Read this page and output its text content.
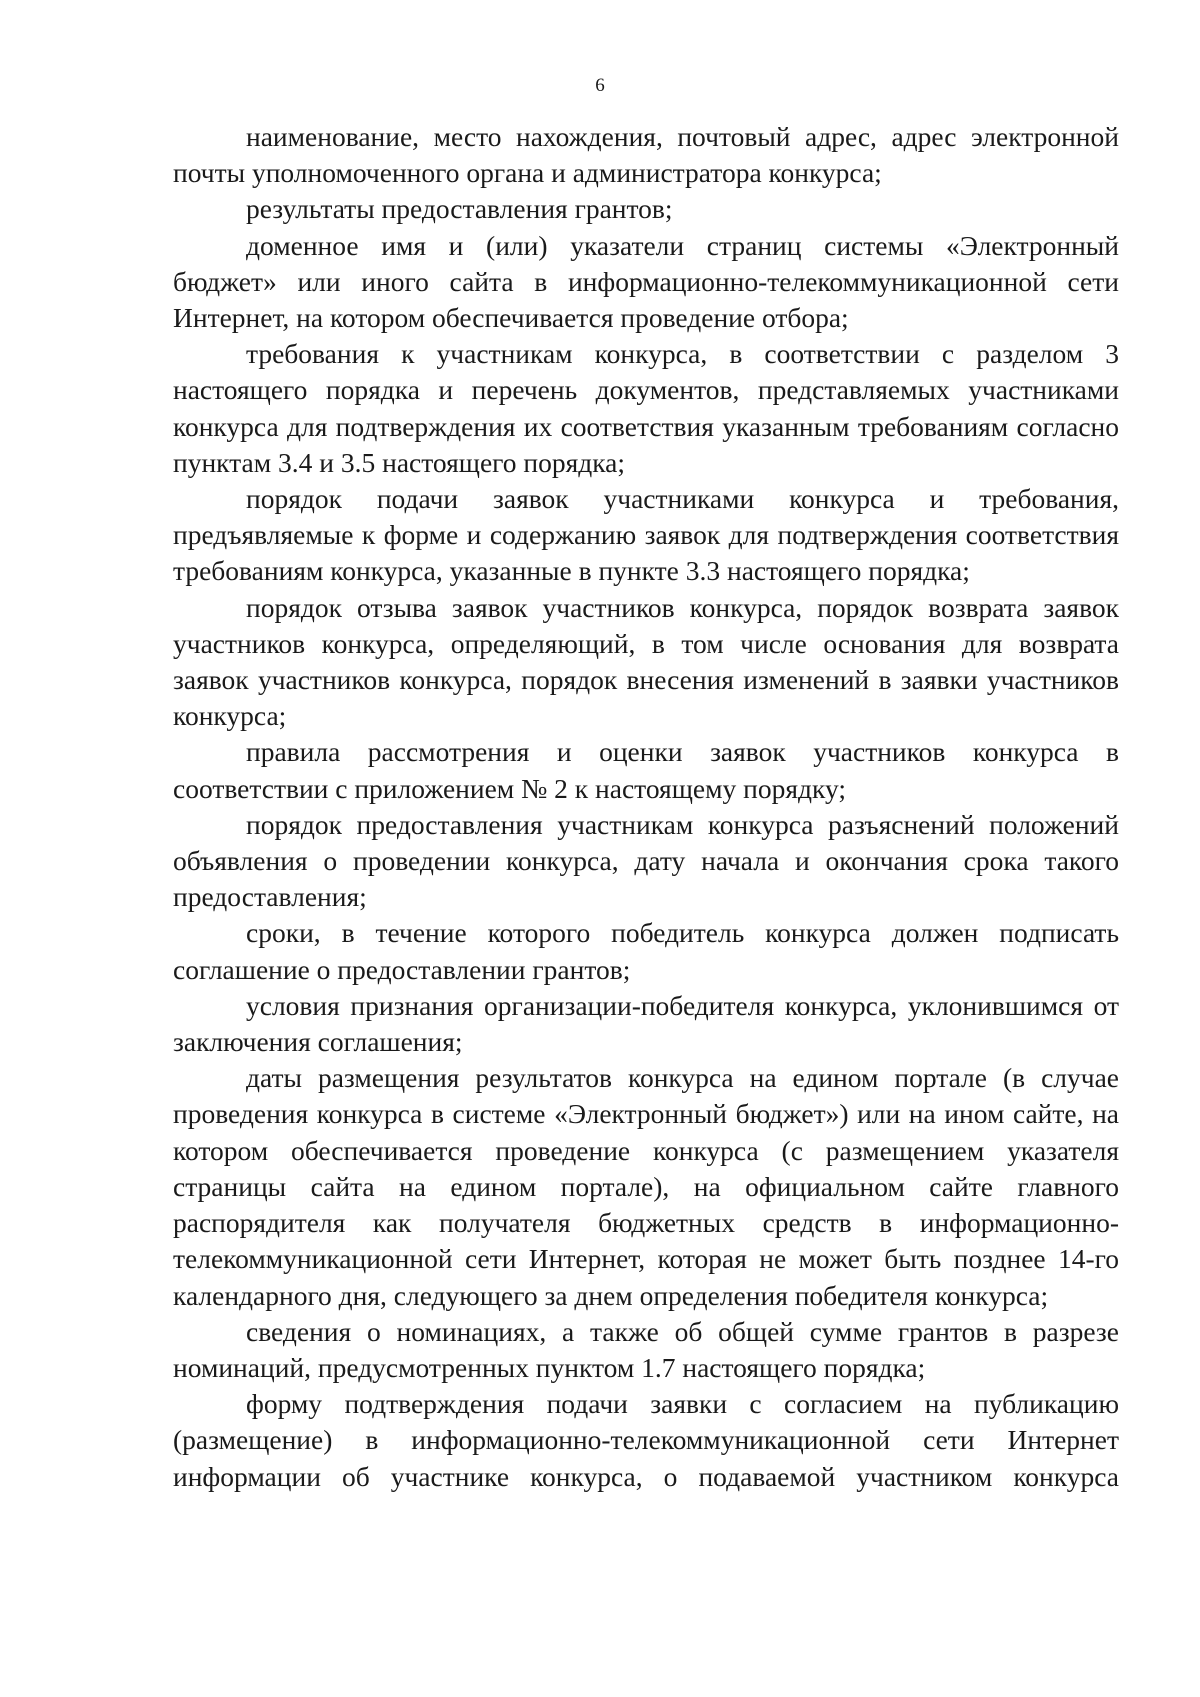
6

наименование, место нахождения, почтовый адрес, адрес электронной почты уполномоченного органа и администратора конкурса;

результаты предоставления грантов;

доменное имя и (или) указатели страниц системы «Электронный бюджет» или иного сайта в информационно-телекоммуникационной сети Интернет, на котором обеспечивается проведение отбора;

требования к участникам конкурса, в соответствии с разделом 3 настоящего порядка и перечень документов, представляемых участниками конкурса для подтверждения их соответствия указанным требованиям согласно пунктам 3.4 и 3.5 настоящего порядка;

порядок подачи заявок участниками конкурса и требования, предъявляемые к форме и содержанию заявок для подтверждения соответствия требованиям конкурса, указанные в пункте 3.3 настоящего порядка;

порядок отзыва заявок участников конкурса, порядок возврата заявок участников конкурса, определяющий, в том числе основания для возврата заявок участников конкурса, порядок внесения изменений в заявки участников конкурса;

правила рассмотрения и оценки заявок участников конкурса в соответствии с приложением № 2 к настоящему порядку;

порядок предоставления участникам конкурса разъяснений положений объявления о проведении конкурса, дату начала и окончания срока такого предоставления;

сроки, в течение которого победитель конкурса должен подписать соглашение о предоставлении грантов;

условия признания организации-победителя конкурса, уклонившимся от заключения соглашения;

даты размещения результатов конкурса на едином портале (в случае проведения конкурса в системе «Электронный бюджет») или на ином сайте, на котором обеспечивается проведение конкурса (с размещением указателя страницы сайта на едином портале), на официальном сайте главного распорядителя как получателя бюджетных средств в информационно-телекоммуникационной сети Интернет, которая не может быть позднее 14-го календарного дня, следующего за днем определения победителя конкурса;

сведения о номинациях, а также об общей сумме грантов в разрезе номинаций, предусмотренных пунктом 1.7 настоящего порядка;

форму подтверждения подачи заявки с согласием на публикацию (размещение) в информационно-телекоммуникационной сети Интернет информации об участнике конкурса, о подаваемой участником конкурса
